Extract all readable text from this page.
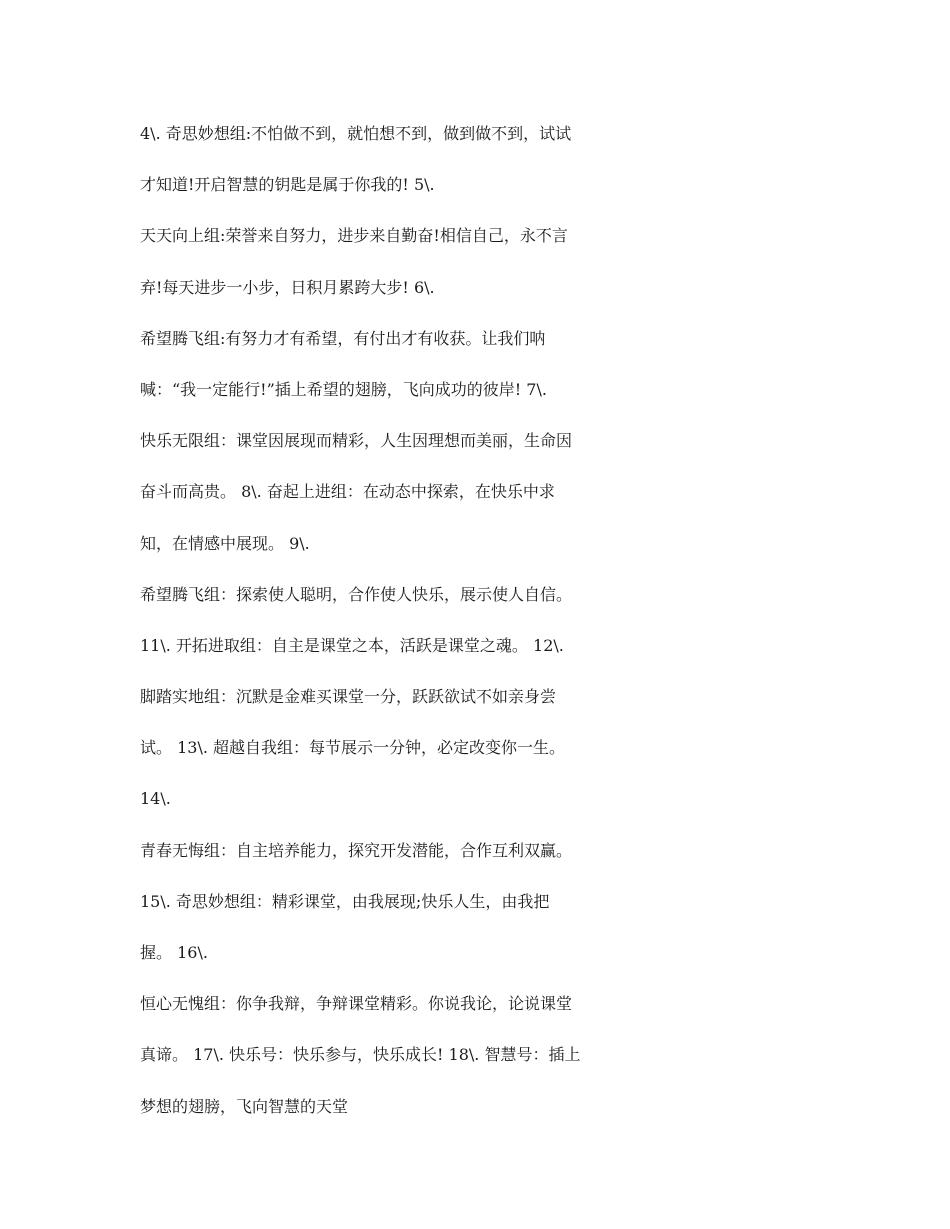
4\. 奇思妙想组:不怕做不到，就怕想不到，做到做不到，试试
才知道!开启智慧的钥匙是属于你我的! 5\.
天天向上组:荣誉来自努力，进步来自勤奋!相信自己，永不言
弃!每天进步一小步，日积月累跨大步! 6\.
希望腾飞组:有努力才有希望，有付出才有收获。让我们呐
喊：“我一定能行!”插上希望的翅膀，飞向成功的彼岸! 7\.
快乐无限组：课堂因展现而精彩，人生因理想而美丽，生命因
奋斗而高贵。 8\. 奋起上进组：在动态中探索，在快乐中求
知，在情感中展现。 9\.
希望腾飞组：探索使人聪明，合作使人快乐，展示使人自信。
11\. 开拓进取组：自主是课堂之本，活跃是课堂之魂。 12\.
脚踏实地组：沉默是金难买课堂一分，跃跃欲试不如亲身尝
试。 13\. 超越自我组：每节展示一分钟，必定改变你一生。
14\.
青春无悔组：自主培养能力，探究开发潜能，合作互利双赢。
15\. 奇思妙想组：精彩课堂，由我展现;快乐人生，由我把
握。 16\.
恒心无愧组：你争我辩，争辩课堂精彩。你说我论，论说课堂
真谛。 17\. 快乐号：快乐参与，快乐成长! 18\. 智慧号：插上
梦想的翅膀，飞向智慧的天堂
